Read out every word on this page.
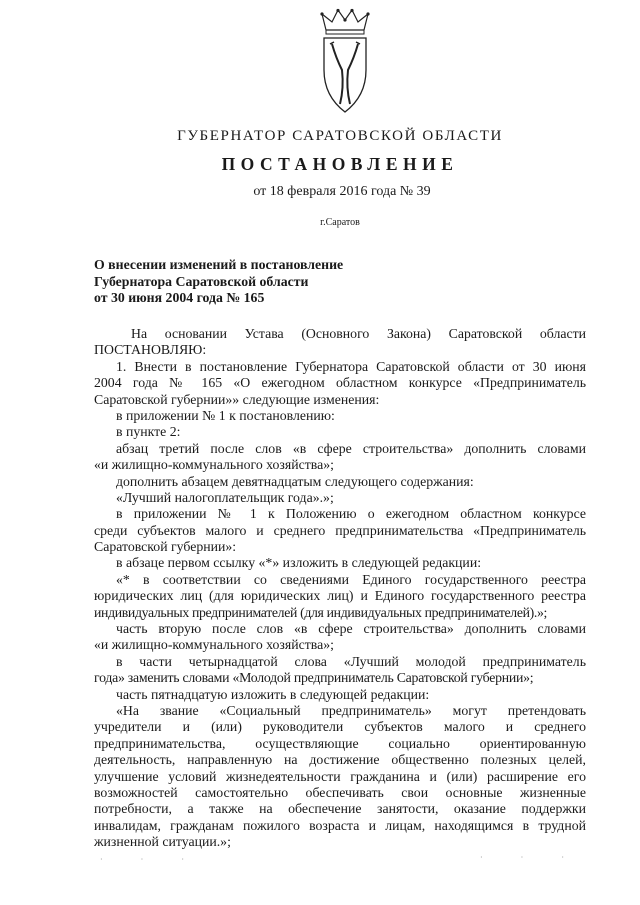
ГУБЕРНАТОР САРАТОВСКОЙ ОБЛАСТИ
ПОСТАНОВЛЕНИЕ
от 18 февраля 2016 года № 39
г.Саратов
О внесении изменений в постановление
Губернатора Саратовской области
от 30 июня 2004 года № 165
На основании Устава (Основного Закона) Саратовской области
ПОСТАНОВЛЯЮ:
1. Внести в постановление Губернатора Саратовской области от 30 июня
2004 года № 165 «О ежегодном областном конкурсе «Предприниматель
Саратовской губернии»» следующие изменения:
в приложении № 1 к постановлению:
в пункте 2:
абзац третий после слов «в сфере строительства» дополнить словами
«и жилищно-коммунального хозяйства»;
дополнить абзацем девятнадцатым следующего содержания:
«Лучший налогоплательщик года».»;
в приложении № 1 к Положению о ежегодном областном конкурсе
среди субъектов малого и среднего предпринимательства «Предприниматель
Саратовской губернии»:
в абзаце первом ссылку «*» изложить в следующей редакции:
«* в соответствии со сведениями Единого государственного реестра
юридических лиц (для юридических лиц) и Единого государственного реестра
индивидуальных предпринимателей (для индивидуальных предпринимателей).»;
часть вторую после слов «в сфере строительства» дополнить словами
«и жилищно-коммунального хозяйства»;
в части четырнадцатой слова «Лучший молодой предприниматель
года» заменить словами «Молодой предприниматель Саратовской губернии»;
часть пятнадцатую изложить в следующей редакции:
«На звание «Социальный предприниматель» могут претендовать
учредители и (или) руководители субъектов малого и среднего
предпринимательства, осуществляющие социально ориентированную
деятельность, направленную на достижение общественно полезных целей,
улучшение условий жизнедеятельности гражданина и (или) расширение его
возможностей самостоятельно обеспечивать свои основные жизненные
потребности, а также на обеспечение занятости, оказание поддержки
инвалидам, гражданам пожилого возраста и лицам, находящимся в трудной
жизненной ситуации.»;
· · ·	· · ·
